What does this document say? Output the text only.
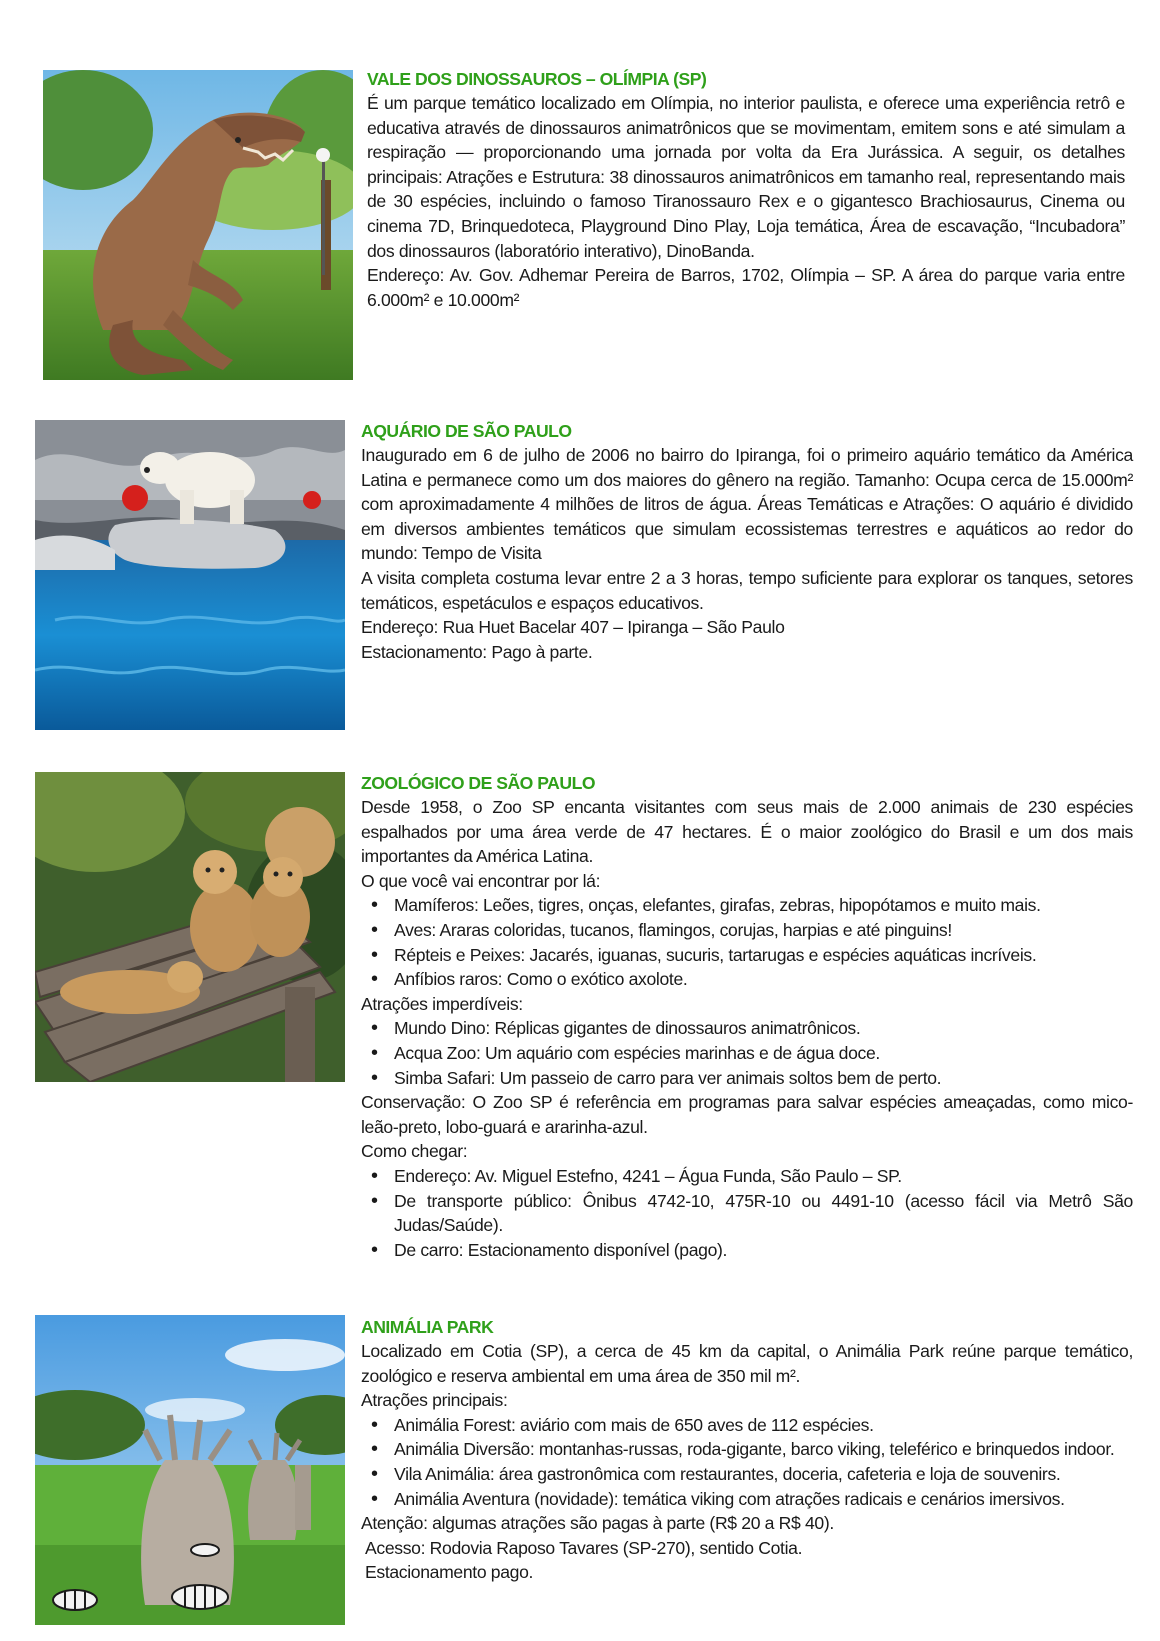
VALE DOS DINOSSAUROS – OLÍMPIA (SP)

É um parque temático localizado em Olímpia, no interior paulista, e oferece uma experiência retrô e educativa através de dinossauros animatrônicos que se movimentam, emitem sons e até simulam a respiração — proporcionando uma jornada por volta da Era Jurássica. A seguir, os detalhes principais: Atrações e Estrutura: 38 dinossauros animatrônicos em tamanho real, representando mais de 30 espécies, incluindo o famoso Tiranossauro Rex e o gigantesco Brachiosaurus, Cinema ou cinema 7D, Brinquedoteca, Playground Dino Play, Loja temática, Área de escavação, “Incubadora” dos dinossauros (laboratório interativo), DinoBanda.

Endereço: Av. Gov. Adhemar Pereira de Barros, 1702, Olímpia – SP. A área do parque varia entre 6.000m² e 10.000m²

AQUÁRIO DE SÃO PAULO

Inaugurado em 6 de julho de 2006 no bairro do Ipiranga, foi o primeiro aquário temático da América Latina e permanece como um dos maiores do gênero na região. Tamanho: Ocupa cerca de 15.000m² com aproximadamente 4 milhões de litros de água. Áreas Temáticas e Atrações: O aquário é dividido em diversos ambientes temáticos que simulam ecossistemas terrestres e aquáticos ao redor do mundo: Tempo de Visita

A visita completa costuma levar entre 2 a 3 horas, tempo suficiente para explorar os tanques, setores temáticos, espetáculos e espaços educativos.

Endereço: Rua Huet Bacelar 407 – Ipiranga – São Paulo

Estacionamento: Pago à parte.

ZOOLÓGICO DE SÃO PAULO

Desde 1958, o Zoo SP encanta visitantes com seus mais de 2.000 animais de 230 espécies espalhados por uma área verde de 47 hectares. É o maior zoológico do Brasil e um dos mais importantes da América Latina.

O que você vai encontrar por lá:

• Mamíferos: Leões, tigres, onças, elefantes, girafas, zebras, hipopótamos e muito mais.
• Aves: Araras coloridas, tucanos, flamingos, corujas, harpias e até pinguins!
• Répteis e Peixes: Jacarés, iguanas, sucuris, tartarugas e espécies aquáticas incríveis.
• Anfíbios raros: Como o exótico axolote.

Atrações imperdíveis:

• Mundo Dino: Réplicas gigantes de dinossauros animatrônicos.
• Acqua Zoo: Um aquário com espécies marinhas e de água doce.
• Simba Safari: Um passeio de carro para ver animais soltos bem de perto.

Conservação: O Zoo SP é referência em programas para salvar espécies ameaçadas, como mico-leão-preto, lobo-guará e ararinha-azul.

Como chegar:

• Endereço: Av. Miguel Estefno, 4241 – Água Funda, São Paulo – SP.
• De transporte público: Ônibus 4742-10, 475R-10 ou 4491-10 (acesso fácil via Metrô São Judas/Saúde).
• De carro: Estacionamento disponível (pago).

ANIMÁLIA PARK

Localizado em Cotia (SP), a cerca de 45 km da capital, o Animália Park reúne parque temático, zoológico e reserva ambiental em uma área de 350 mil m².

Atrações principais:

• Animália Forest: aviário com mais de 650 aves de 112 espécies.
• Animália Diversão: montanhas-russas, roda-gigante, barco viking, teleférico e brinquedos indoor.
• Vila Animália: área gastronômica com restaurantes, doceria, cafeteria e loja de souvenirs.
• Animália Aventura (novidade): temática viking com atrações radicais e cenários imersivos.

Atenção: algumas atrações são pagas à parte (R$ 20 a R$ 40).

Acesso: Rodovia Raposo Tavares (SP-270), sentido Cotia.

Estacionamento pago.
